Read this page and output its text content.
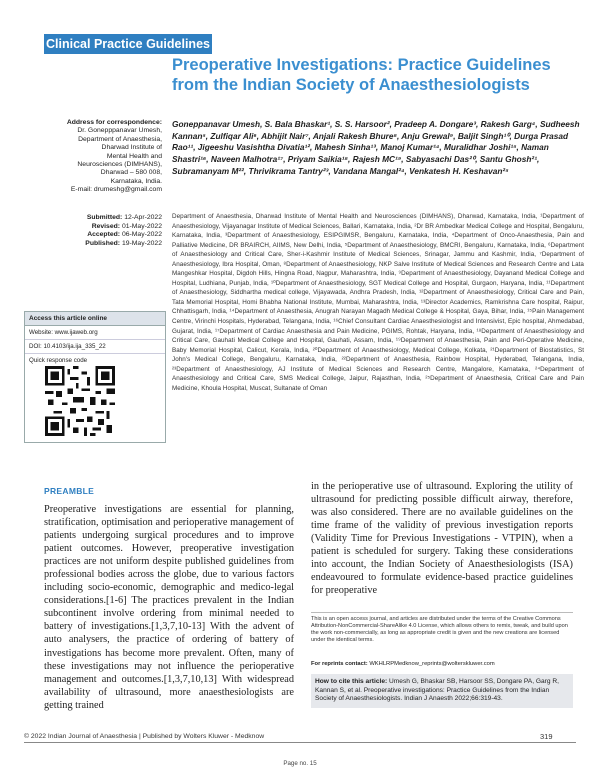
Clinical Practice Guidelines
Preoperative Investigations: Practice Guidelines
from the Indian Society of Anaesthesiologists
Address for correspondence:
Dr. Gonepppanavar Umesh,
Department of Anaesthesia,
Dharwad Institute of
Mental Health and
Neurosciences (DIMHANS),
Dharwad – 580 008,
Karnataka, India.
E-mail: drumeshg@gmail.com
Submitted: 12-Apr-2022
Revised: 01-May-2022
Accepted: 06-May-2022
Published: 19-May-2022
Goneppanavar Umesh, S. Bala Bhaskar¹, S. S. Harsoor², Pradeep A. Dongare³, Rakesh Garg⁴, Sudheesh Kannan⁵, Zulfiqar Ali⁶, Abhijit Nair⁷, Anjali Rakesh Bhure⁸, Anju Grewal⁹, Baljit Singh¹⁰, Durga Prasad Rao¹¹, Jigeeshu Vasishtha Divatia¹², Mahesh Sinha¹³, Manoj Kumar¹⁴, Muralidhar Joshi¹⁵, Naman Shastri¹⁶, Naveen Malhotra¹⁷, Priyam Saikia¹⁸, Rajesh MC¹⁹, Sabyasachi Das²⁰, Santu Ghosh²¹, Subramanyam M²², Thrivikrama Tantry²³, Vandana Mangal²⁴, Venkatesh H. Keshavan²⁵
Department of Anaesthesia, Dharwad Institute of Mental Health and Neurosciences (DIMHANS), Dharwad, Karnataka, India, ¹Department of Anaesthesiology, Vijayanagar Institute of Medical Sciences, Ballari, Karnataka, India, ²Dr BR Ambedkar Medical College and Hospital, Bengaluru, Karnataka, India, ³Department of Anaesthesiology, ESIPGIMSR, Bengaluru, Karnataka, India, ⁴Department of Onco-Anaesthesia, Pain and Palliative Medicine, DR BRAIRCH, AIIMS, New Delhi, India, ⁵Department of Anaesthesiology, BMCRI, Bengaluru, Karnataka, India, ⁶Department of Anaesthesiology and Critical Care, Sher-i-Kashmir Institute of Medical Sciences, Srinagar, Jammu and Kashmir, India, ⁷Department of Anaesthesiology, Ibra Hospital, Oman, ⁸Department of Anaesthesiology, NKP Salve Institute of Medical Sciences and Research Centre and Lata Mangeshkar Hospital, Digdoh Hills, Hingna Road, Nagpur, Maharashtra, India, ⁹Department of Anaesthesiology, Dayanand Medical College and Hospital, Ludhiana, Punjab, India, ¹⁰Department of Anaesthesiology, SGT Medical College and Hospital, Gurgaon, Haryana, India, ¹¹Department of Anaesthesiology, Siddhartha medical college, Vijayawada, Andhra Pradesh, India, ¹²Department of Anaesthesiology, Critical Care and Pain, Tata Memorial Hospital, Homi Bhabha National Institute, Mumbai, Maharashtra, India, ¹³Director Academics, Ramkrishna Care hospital, Raipur, Chhattisgarh, India, ¹⁴Department of Anaesthesia, Anugrah Narayan Magadh Medical College & Hospital, Gaya, Bihar, India, ¹⁵Pain Management Centre, Virinchi Hospitals, Hyderabad, Telangana, India, ¹⁶Chief Consultant Cardiac Anaesthesiologist and Intensivist, Epic hospital, Ahmedabad, Gujarat, India, ¹⁷Department of Cardiac Anaesthesia and Pain Medicine, PGIMS, Rohtak, Haryana, India, ¹⁸Department of Anaesthesiology and Critical Care, Gauhati Medical College and Hospital, Gauhati, Assam, India, ¹⁹Department of Anaesthesia, Pain and Peri-Operative Medicine, Baby Memorial Hospital, Calicut, Kerala, India, ²⁰Department of Anaesthesiology, Medical College, Kolkata, ²¹Department of Biostatistics, St John's Medical College, Bengaluru, Karnataka, India, ²²Department of Anaesthesia, Rainbow Hospital, Hyderabad, Telangana, India, ²³Department of Anaesthesiology, AJ Institute of Medical Sciences and Research Centre, Mangalore, Karnataka, ²⁴Department of Anaesthesiology and Critical Care, SMS Medical College, Jaipur, Rajasthan, India, ²⁵Department of Anaesthesia, Critical Care and Pain Medicine, Khoula Hospital, Muscat, Sultanate of Oman
Access this article online
Website: www.ijaweb.org
DOI: 10.4103/ija.ija_335_22
Quick response code
PREAMBLE

Preoperative investigations are essential for planning, stratification, optimisation and perioperative management of patients undergoing surgical procedures and to improve patient outcomes. However, preoperative investigation practices are not uniform despite published guidelines from professional bodies across the globe, due to various factors including socio-economic, demographic and medico-legal considerations.[1-6] The practices prevalent in the Indian subcontinent involve ordering from minimal needed to battery of investigations.[1,3,7,10-13] With the advent of auto analysers, the practice of ordering of battery of investigations has become more prevalent. Often, many of these investigations may not influence the perioperative management and outcomes.[1,3,7,10,13] With widespread availability of ultrasound, more anaesthesiologists are getting trained

in the perioperative use of ultrasound. Exploring the utility of ultrasound for predicting possible difficult airway, therefore, was also considered. There are no available guidelines on the time frame of the validity of previous investigation reports (Validity Time for Previous Investigations - VTPIN), when a patient is scheduled for surgery. Taking these considerations into account, the Indian Society of Anaesthesiologists (ISA) endeavoured to formulate evidence-based practice guidelines for preoperative
This is an open access journal, and articles are distributed under the terms of the Creative Commons Attribution-NonCommercial-ShareAlike 4.0 License, which allows others to remix, tweak, and build upon the work non-commercially, as long as appropriate credit is given and the new creations are licensed under the identical terms.
For reprints contact: WKHLRPMedknow_reprints@wolterskluwer.com
How to cite this article: Umesh G, Bhaskar SB, Harsoor SS, Dongare PA, Garg R, Kannan S, et al. Preoperative investigations: Practice Guidelines from the Indian Society of Anaesthesiologists. Indian J Anaesth 2022;66:319-43.
© 2022 Indian Journal of Anaesthesia | Published by Wolters Kluwer - Medknow	319
Page no. 15
